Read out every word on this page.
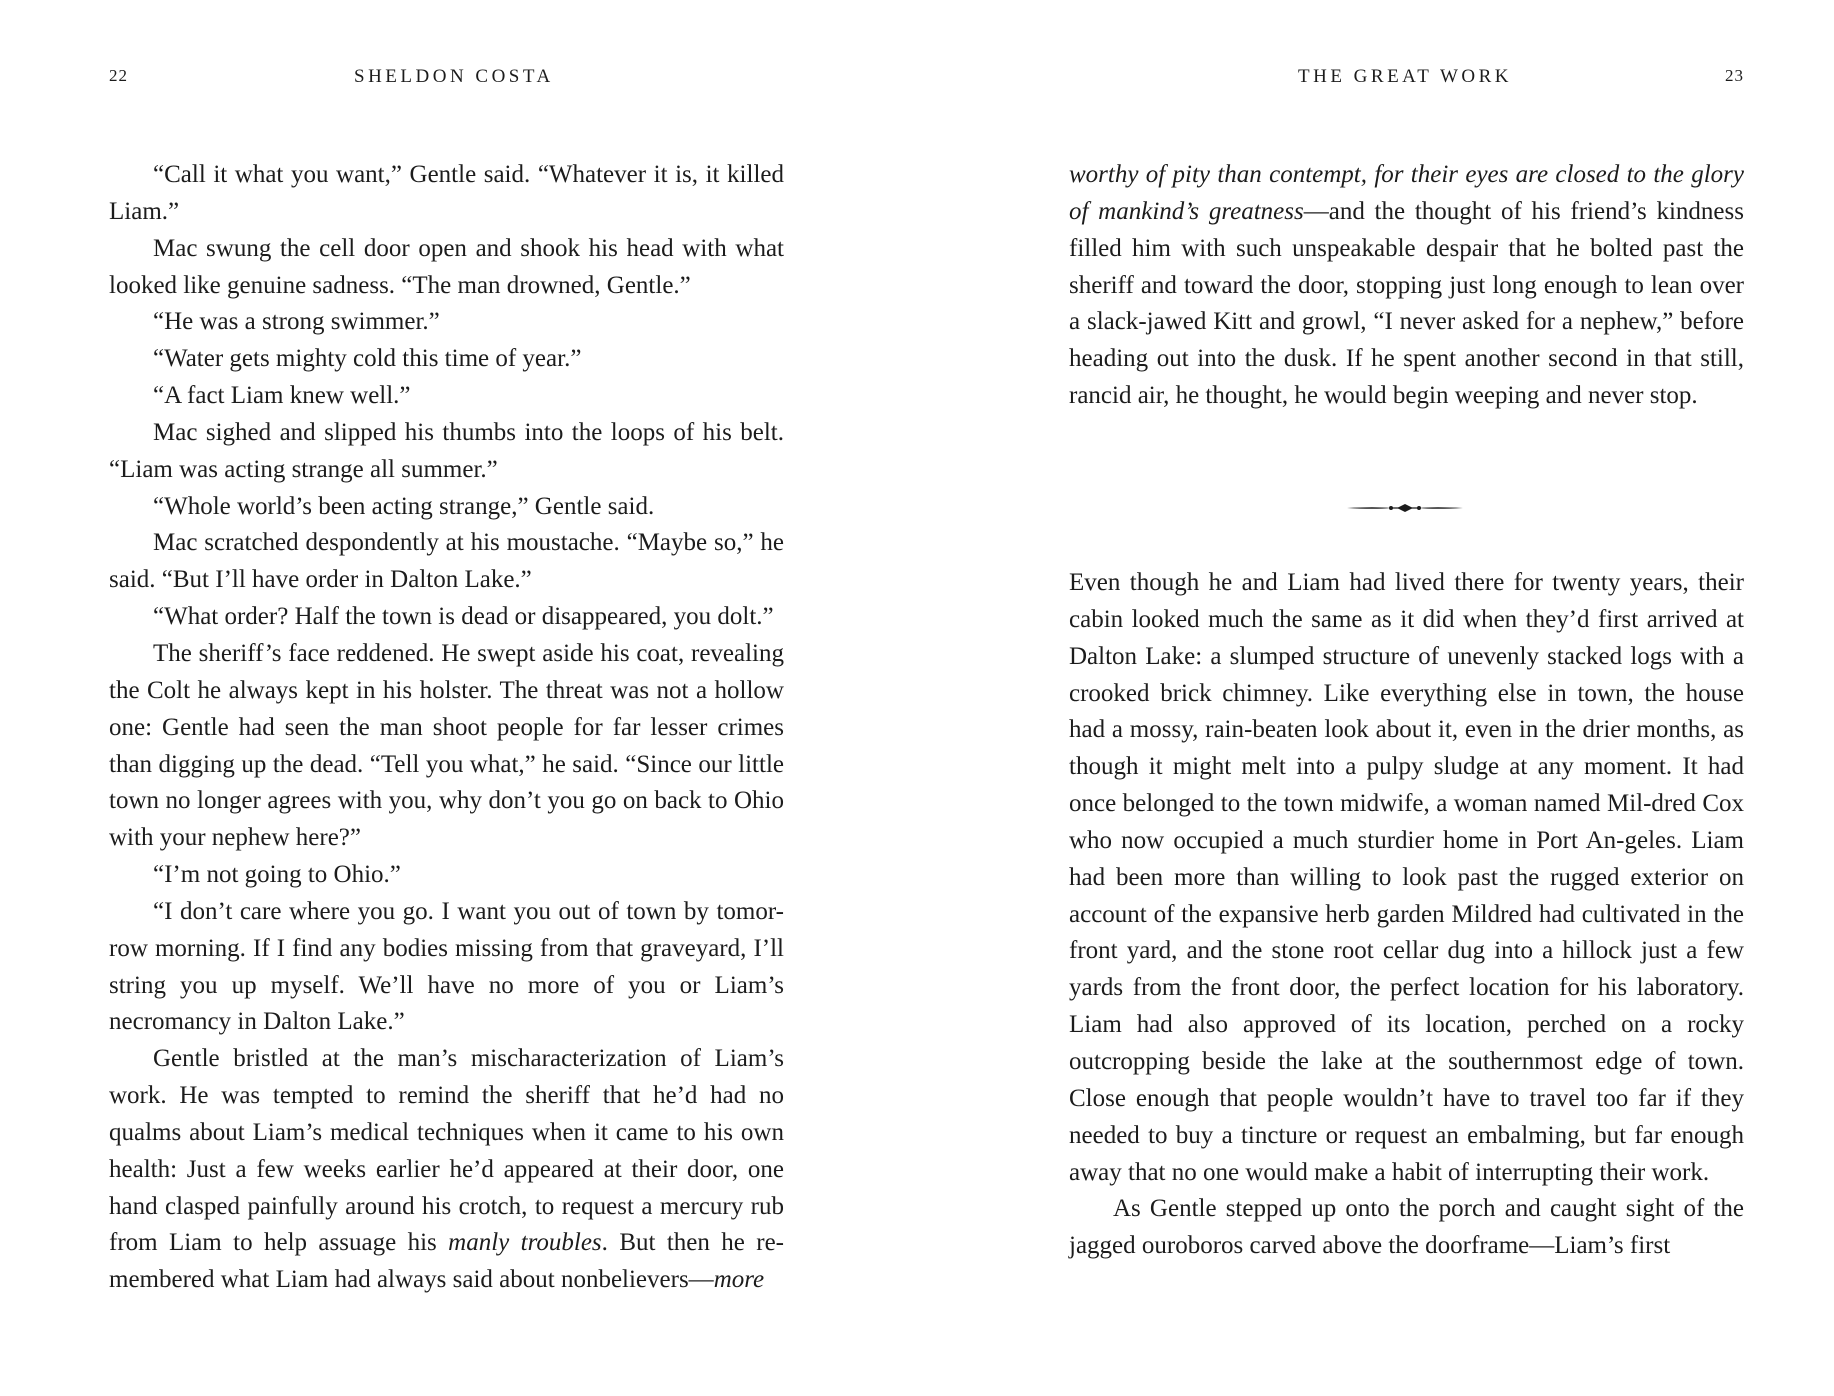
22	SHELDON COSTA

“Call it what you want,” Gentle said. “Whatever it is, it killed Liam.”

Mac swung the cell door open and shook his head with what looked like genuine sadness. “The man drowned, Gentle.”

“He was a strong swimmer.”

“Water gets mighty cold this time of year.”

“A fact Liam knew well.”

Mac sighed and slipped his thumbs into the loops of his belt. “Liam was acting strange all summer.”

“Whole world’s been acting strange,” Gentle said.

Mac scratched despondently at his moustache. “Maybe so,” he said. “But I’ll have order in Dalton Lake.”

“What order? Half the town is dead or disappeared, you dolt.”

The sheriff’s face reddened. He swept aside his coat, revealing the Colt he always kept in his holster. The threat was not a hollow one: Gentle had seen the man shoot people for far lesser crimes than digging up the dead. “Tell you what,” he said. “Since our little town no longer agrees with you, why don’t you go on back to Ohio with your nephew here?”

“I’m not going to Ohio.”

“I don’t care where you go. I want you out of town by tomor-row morning. If I find any bodies missing from that graveyard, I’ll string you up myself. We’ll have no more of you or Liam’s necromancy in Dalton Lake.”

Gentle bristled at the man’s mischaracterization of Liam’s work. He was tempted to remind the sheriff that he’d had no qualms about Liam’s medical techniques when it came to his own health: Just a few weeks earlier he’d appeared at their door, one hand clasped painfully around his crotch, to request a mercury rub from Liam to help assuage his manly troubles. But then he re-membered what Liam had always said about nonbelievers—more

THE GREAT WORK	23

worthy of pity than contempt, for their eyes are closed to the glory of mankind’s greatness—and the thought of his friend’s kindness filled him with such unspeakable despair that he bolted past the sheriff and toward the door, stopping just long enough to lean over a slack-jawed Kitt and growl, “I never asked for a nephew,” before heading out into the dusk. If he spent another second in that still, rancid air, he thought, he would begin weeping and never stop.

Even though he and Liam had lived there for twenty years, their cabin looked much the same as it did when they’d first arrived at Dalton Lake: a slumped structure of unevenly stacked logs with a crooked brick chimney. Like everything else in town, the house had a mossy, rain-beaten look about it, even in the drier months, as though it might melt into a pulpy sludge at any moment. It had once belonged to the town midwife, a woman named Mil-dred Cox who now occupied a much sturdier home in Port An-geles. Liam had been more than willing to look past the rugged exterior on account of the expansive herb garden Mildred had cultivated in the front yard, and the stone root cellar dug into a hillock just a few yards from the front door, the perfect location for his laboratory. Liam had also approved of its location, perched on a rocky outcropping beside the lake at the southernmost edge of town. Close enough that people wouldn’t have to travel too far if they needed to buy a tincture or request an embalming, but far enough away that no one would make a habit of interrupting their work.

As Gentle stepped up onto the porch and caught sight of the jagged ouroboros carved above the doorframe—Liam’s first
